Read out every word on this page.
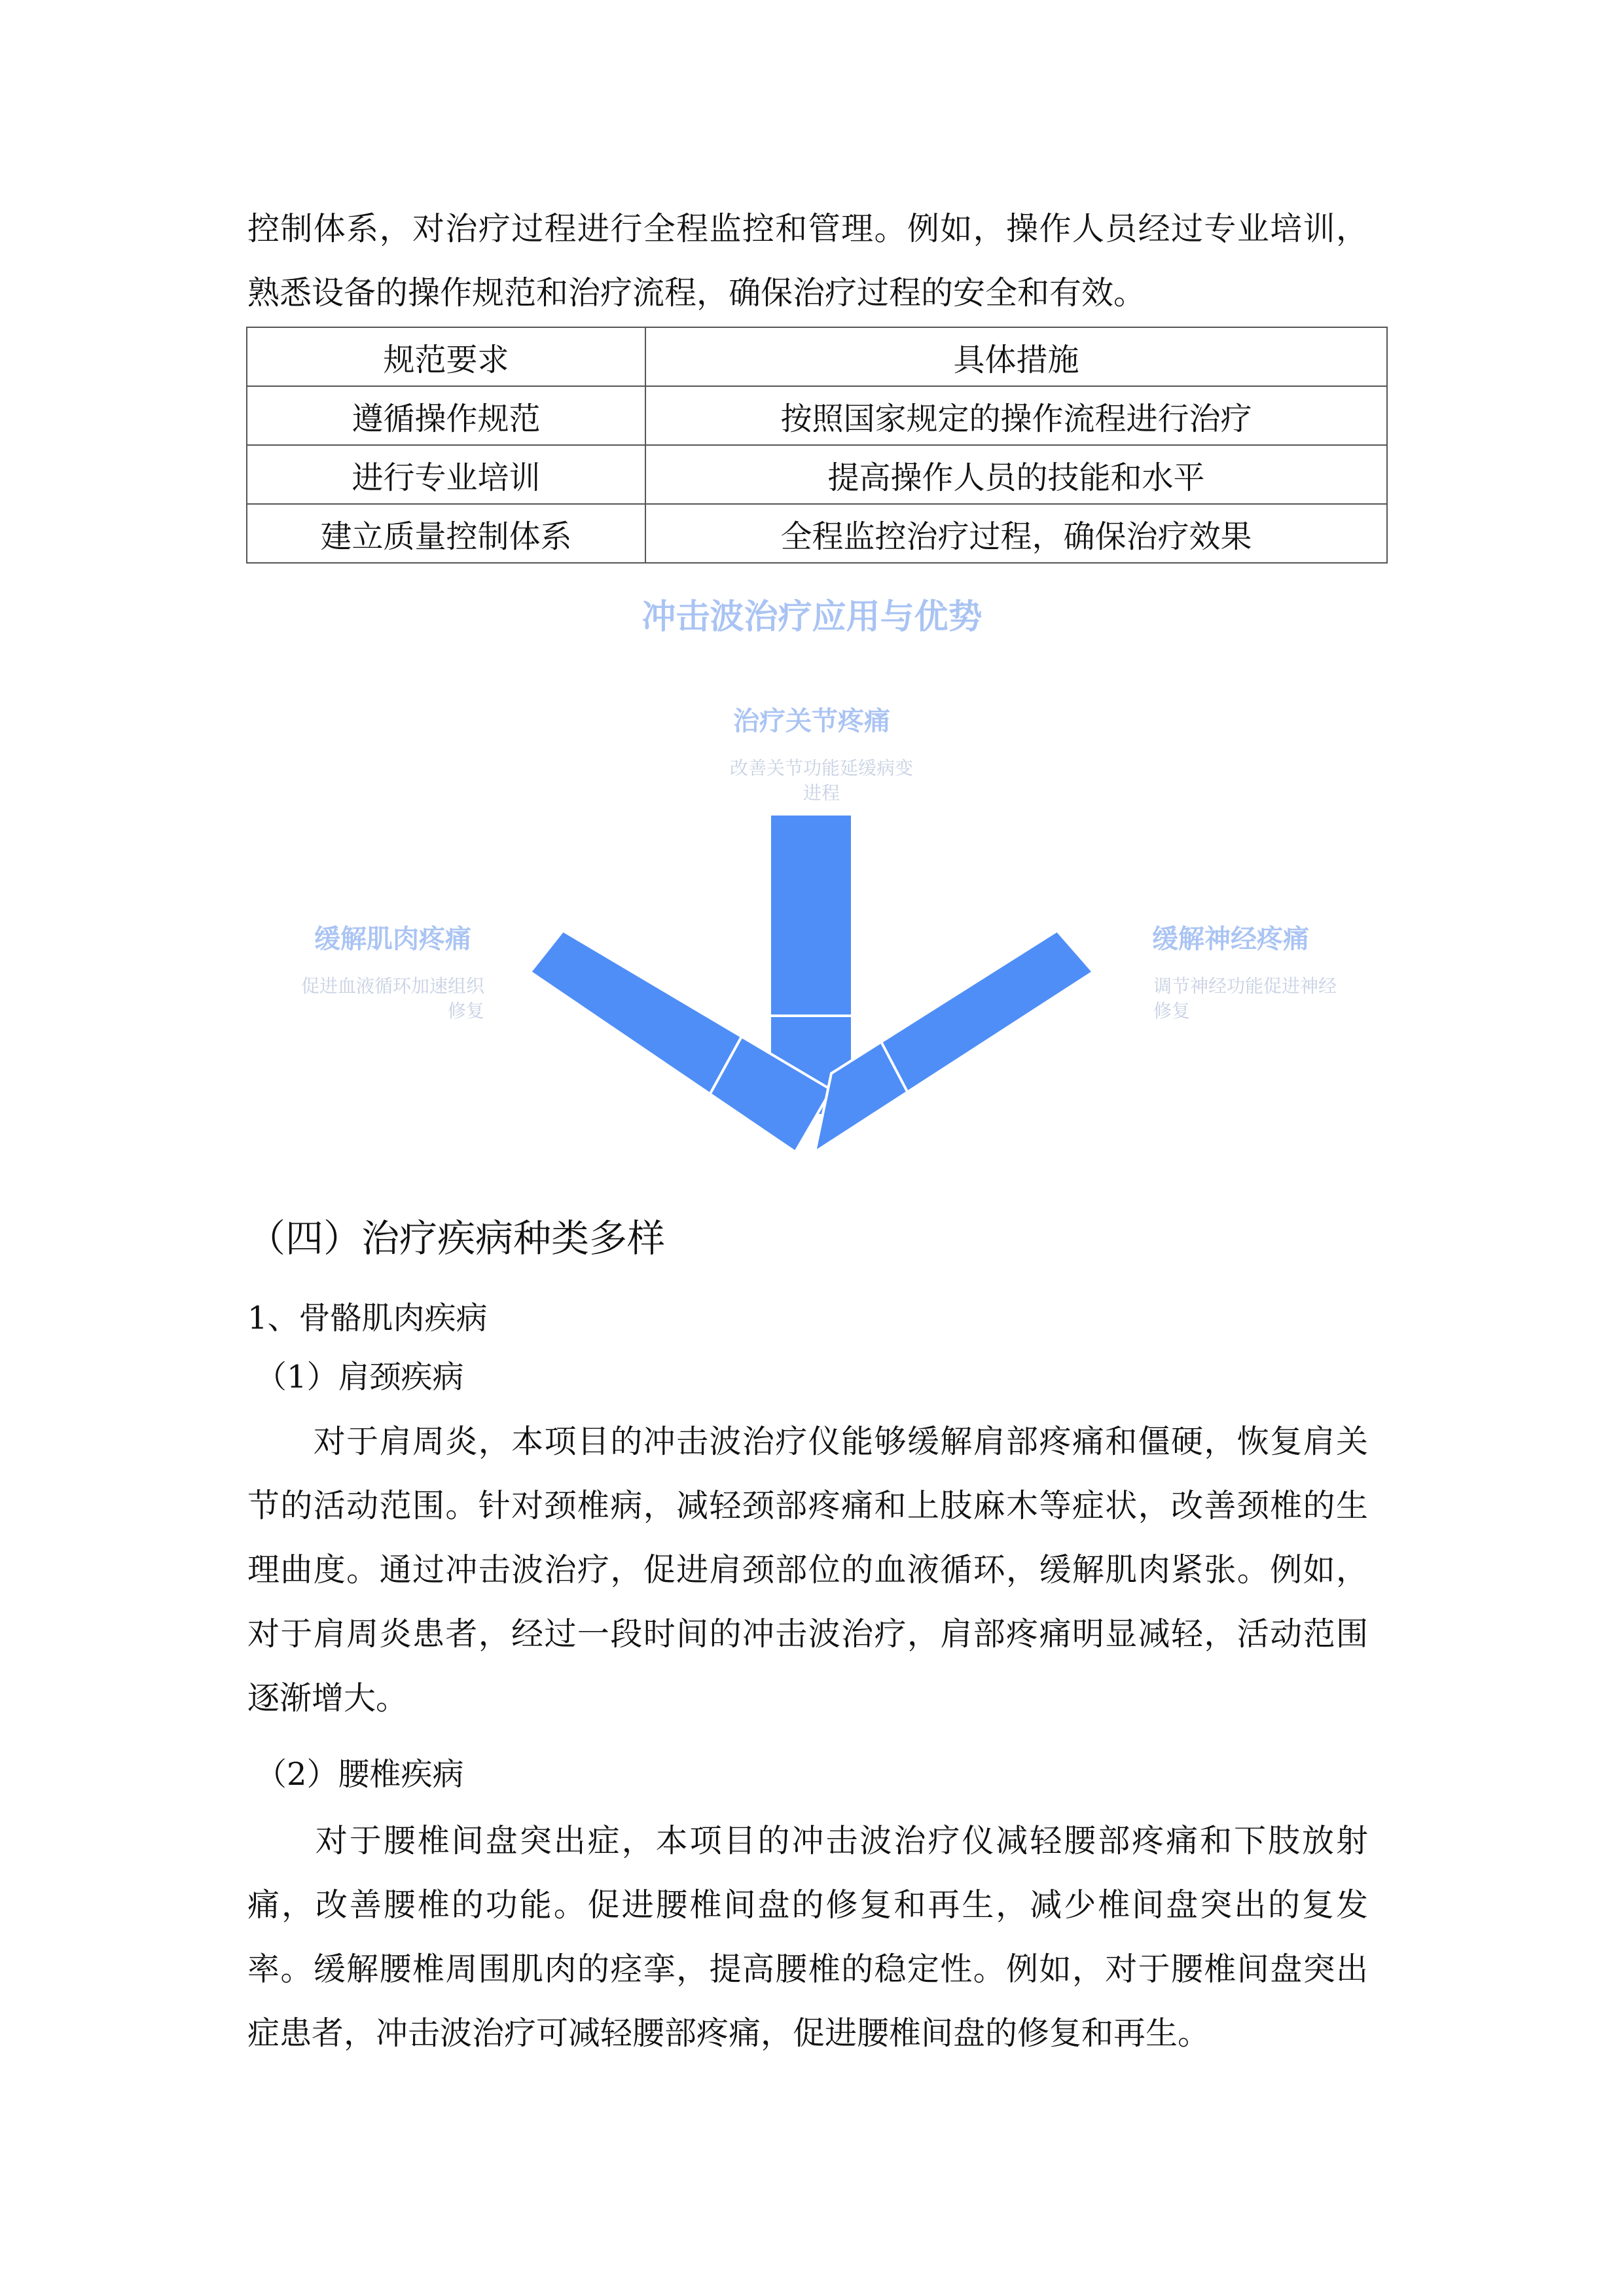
控制体系，对治疗过程进行全程监控和管理。例如，操作人员经过专业培训，
熟悉设备的操作规范和治疗流程，确保治疗过程的安全和有效。
规范要求	具体措施
遵循操作规范	按照国家规定的操作流程进行治疗
进行专业培训	提高操作人员的技能和水平
建立质量控制体系	全程监控治疗过程，确保治疗效果
冲击波治疗应用与优势
治疗关节疼痛
改善关节功能延缓病变
进程
缓解肌肉疼痛
促进血液循环加速组织
修复
缓解神经疼痛
调节神经功能促进神经
修复
（四）治疗疾病种类多样
1、骨骼肌肉疾病
（1）肩颈疾病
　　对于肩周炎，本项目的冲击波治疗仪能够缓解肩部疼痛和僵硬，恢复肩关
节的活动范围。针对颈椎病，减轻颈部疼痛和上肢麻木等症状，改善颈椎的生
理曲度。通过冲击波治疗，促进肩颈部位的血液循环，缓解肌肉紧张。例如，
对于肩周炎患者，经过一段时间的冲击波治疗，肩部疼痛明显减轻，活动范围
逐渐增大。
（2）腰椎疾病
　　对于腰椎间盘突出症，本项目的冲击波治疗仪减轻腰部疼痛和下肢放射
痛，改善腰椎的功能。促进腰椎间盘的修复和再生，减少椎间盘突出的复发
率。缓解腰椎周围肌肉的痉挛，提高腰椎的稳定性。例如，对于腰椎间盘突出
症患者，冲击波治疗可减轻腰部疼痛，促进腰椎间盘的修复和再生。
